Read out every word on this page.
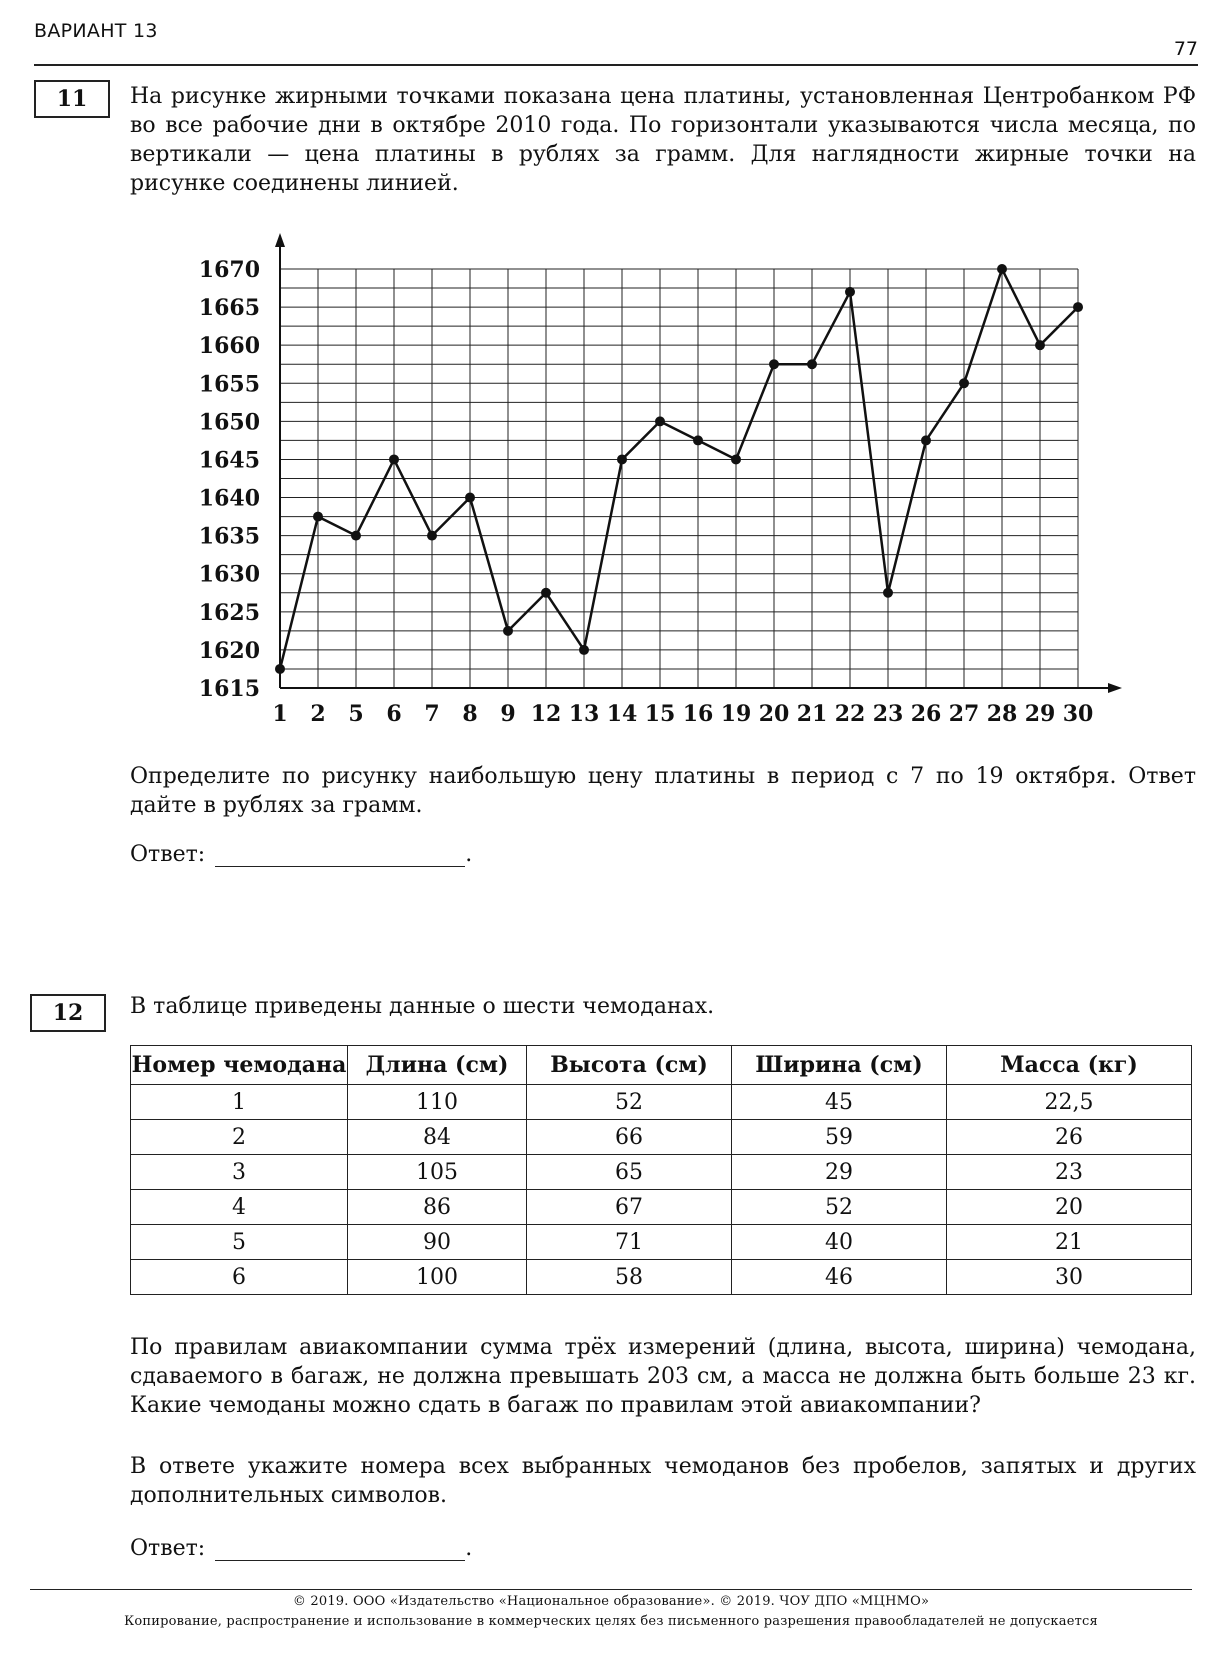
ВАРИАНТ 13
77
11	На рисунке жирными точками показана цена платины, установленная Центробанком РФ во все рабочие дни в октябре 2010 года. По горизонтали указываются числа месяца, по вертикали — цена платины в рублях за грамм. Для наглядности жирные точки на рисунке соединены линией.
1615
1620
1625
1630
1635
1640
1645
1650
1655
1660
1665
1670
1 2 5 6 7 8 9 12 13 14 15 16 19 20 21 22 23 26 27 28 29 30
Определите по рисунку наибольшую цену платины в период с 7 по 19 октября. Ответ дайте в рублях за грамм.
Ответ:	.
12	В таблице приведены данные о шести чемоданах.
Номер чемодана	Длина (см)	Высота (см)	Ширина (см)	Масса (кг)
1	110	52	45	22,5
2	84	66	59	26
3	105	65	29	23
4	86	67	52	20
5	90	71	40	21
6	100	58	46	30
По правилам авиакомпании сумма трёх измерений (длина, высота, ширина) чемодана, сдаваемого в багаж, не должна превышать 203 см, а масса не должна быть больше 23 кг. Какие чемоданы можно сдать в багаж по правилам этой авиакомпании?
В ответе укажите номера всех выбранных чемоданов без пробелов, запятых и других дополнительных символов.
Ответ:	.
© 2019. ООО «Издательство «Национальное образование». © 2019. ЧОУ ДПО «МЦНМО»
Копирование, распространение и использование в коммерческих целях без письменного разрешения правообладателей не допускается
